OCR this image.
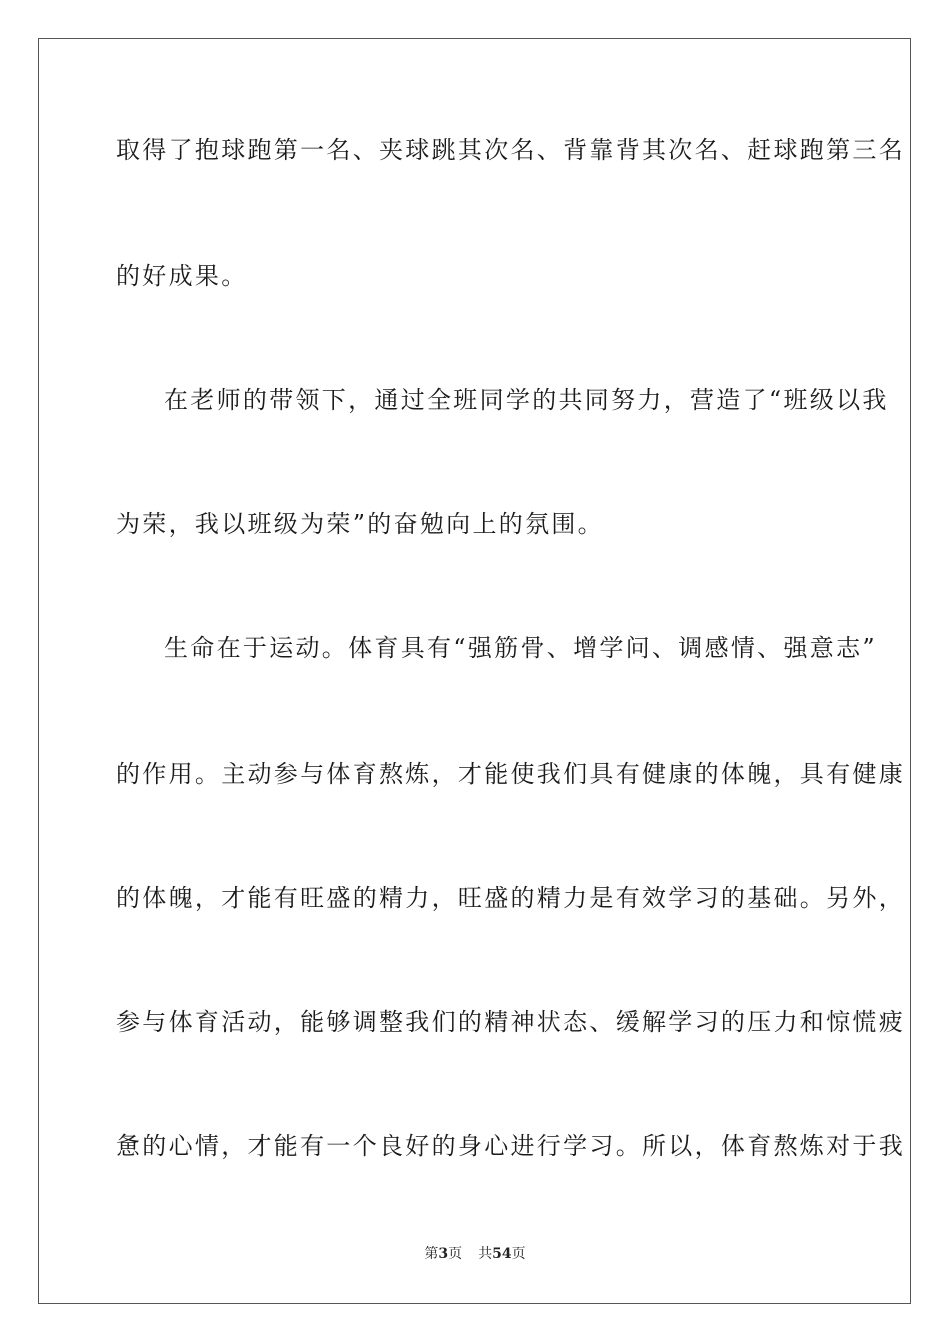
取得了抱球跑第一名、夹球跳其次名、背靠背其次名、赶球跑第三名
的好成果。
在老师的带领下，通过全班同学的共同努力，营造了“班级以我
为荣，我以班级为荣”的奋勉向上的氛围。
生命在于运动。体育具有“强筋骨、增学问、调感情、强意志”
的作用。主动参与体育熬炼，才能使我们具有健康的体魄，具有健康
的体魄，才能有旺盛的精力，旺盛的精力是有效学习的基础。另外，
参与体育活动，能够调整我们的精神状态、缓解学习的压力和惊慌疲
惫的心情，才能有一个良好的身心进行学习。所以，体育熬炼对于我
第3页 共54页
